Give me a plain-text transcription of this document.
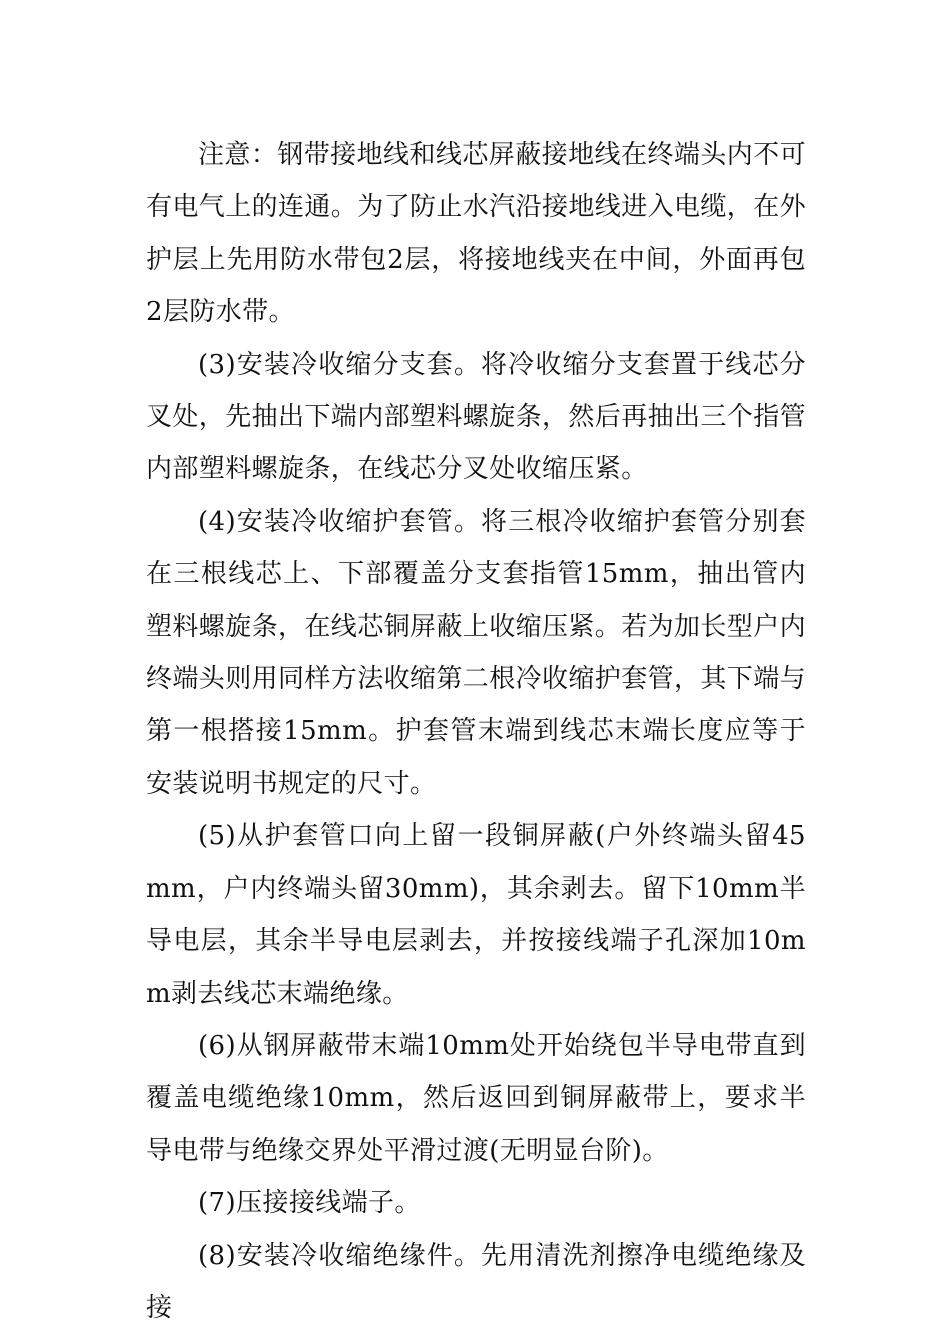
注意：钢带接地线和线芯屏蔽接地线在终端头内不可有电气上的连通。为了防止水汽沿接地线进入电缆，在外护层上先用防水带包2层，将接地线夹在中间，外面再包2层防水带。

(3)安装冷收缩分支套。将冷收缩分支套置于线芯分叉处，先抽出下端内部塑料螺旋条，然后再抽出三个指管内部塑料螺旋条，在线芯分叉处收缩压紧。

(4)安装冷收缩护套管。将三根冷收缩护套管分别套在三根线芯上、下部覆盖分支套指管15mm，抽出管内塑料螺旋条，在线芯铜屏蔽上收缩压紧。若为加长型户内终端头则用同样方法收缩第二根冷收缩护套管，其下端与第一根搭接15mm。护套管末端到线芯末端长度应等于安装说明书规定的尺寸。

(5)从护套管口向上留一段铜屏蔽(户外终端头留45mm，户内终端头留30mm)，其余剥去。留下10mm半导电层，其余半导电层剥去，并按接线端子孔深加10mm剥去线芯末端绝缘。

(6)从钢屏蔽带末端10mm处开始绕包半导电带直到覆盖电缆绝缘10mm，然后返回到铜屏蔽带上，要求半导电带与绝缘交界处平滑过渡(无明显台阶)。

(7)压接接线端子。

(8)安装冷收缩绝缘件。先用清洗剂擦净电缆绝缘及接
